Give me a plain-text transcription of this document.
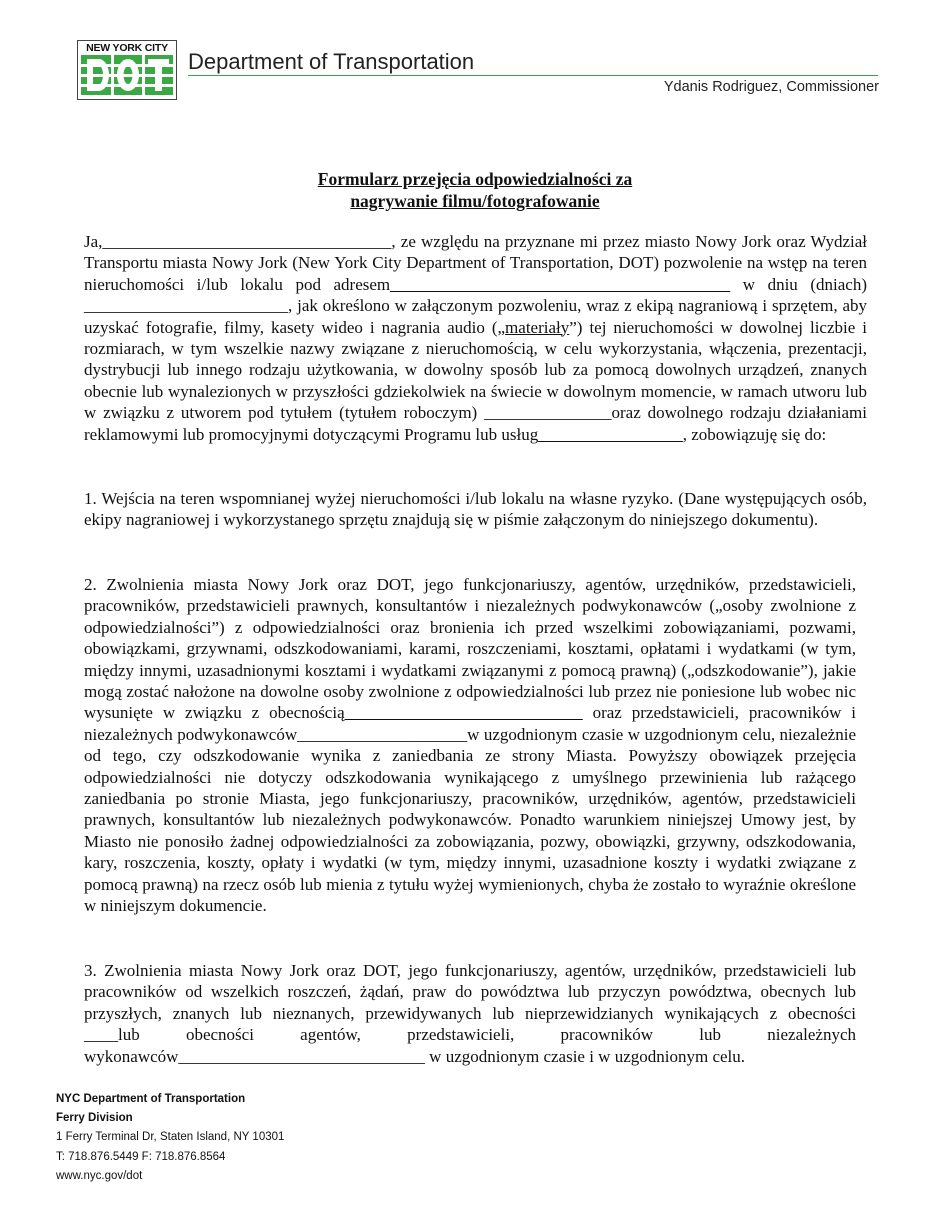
NEW YORK CITY
Department of Transportation
Ydanis Rodriguez, Commissioner
Formularz przejęcia odpowiedzialności za
nagrywanie filmu/fotografowanie
Ja,__________________________________, ze względu na przyznane mi przez miasto Nowy Jork oraz Wydział Transportu miasta Nowy Jork (New York City Department of Transportation, DOT) pozwolenie na wstęp na teren nieruchomości i/lub lokalu pod adresem________________________________________ w dniu (dniach) ________________________, jak określono w załączonym pozwoleniu, wraz z ekipą nagraniową i sprzętem, aby uzyskać fotografie, filmy, kasety wideo i nagrania audio („materiały”) tej nieruchomości w dowolnej liczbie i rozmiarach, w tym wszelkie nazwy związane z nieruchomością, w celu wykorzystania, włączenia, prezentacji, dystrybucji lub innego rodzaju użytkowania, w dowolny sposób lub za pomocą dowolnych urządzeń, znanych obecnie lub wynalezionych w przyszłości gdziekolwiek na świecie w dowolnym momencie, w ramach utworu lub w związku z utworem pod tytułem (tytułem roboczym) _______________oraz dowolnego rodzaju działaniami reklamowymi lub promocyjnymi dotyczącymi Programu lub usług_________________, zobowiązuję się do:
1. Wejścia na teren wspomnianej wyżej nieruchomości i/lub lokalu na własne ryzyko. (Dane występujących osób, ekipy nagraniowej i wykorzystanego sprzętu znajdują się w piśmie załączonym do niniejszego dokumentu).
2. Zwolnienia miasta Nowy Jork oraz DOT, jego funkcjonariuszy, agentów, urzędników, przedstawicieli, pracowników, przedstawicieli prawnych, konsultantów i niezależnych podwykonawców („osoby zwolnione z odpowiedzialności”) z odpowiedzialności oraz bronienia ich przed wszelkimi zobowiązaniami, pozwami, obowiązkami, grzywnami, odszkodowaniami, karami, roszczeniami, kosztami, opłatami i wydatkami (w tym, między innymi, uzasadnionymi kosztami i wydatkami związanymi z pomocą prawną) („odszkodowanie”), jakie mogą zostać nałożone na dowolne osoby zwolnione z odpowiedzialności lub przez nie poniesione lub wobec nic wysunięte w związku z obecnością____________________________ oraz przedstawicieli, pracowników i niezależnych podwykonawców____________________w uzgodnionym czasie w uzgodnionym celu, niezależnie od tego, czy odszkodowanie wynika z zaniedbania ze strony Miasta. Powyższy obowiązek przejęcia odpowiedzialności nie dotyczy odszkodowania wynikającego z umyślnego przewinienia lub rażącego zaniedbania po stronie Miasta, jego funkcjonariuszy, pracowników, urzędników, agentów, przedstawicieli prawnych, konsultantów lub niezależnych podwykonawców. Ponadto warunkiem niniejszej Umowy jest, by Miasto nie ponosiło żadnej odpowiedzialności za zobowiązania, pozwy, obowiązki, grzywny, odszkodowania, kary, roszczenia, koszty, opłaty i wydatki (w tym, między innymi, uzasadnione koszty i wydatki związane z pomocą prawną) na rzecz osób lub mienia z tytułu wyżej wymienionych, chyba że zostało to wyraźnie określone w niniejszym dokumencie.
3. Zwolnienia miasta Nowy Jork oraz DOT, jego funkcjonariuszy, agentów, urzędników, przedstawicieli lub pracowników od wszelkich roszczeń, żądań, praw do powództwa lub przyczyn powództwa, obecnych lub przyszłych, znanych lub nieznanych, przewidywanych lub nieprzewidzianych wynikających z obecności ____lub obecności agentów, przedstawicieli, pracowników lub niezależnych wykonawców_____________________________ w uzgodnionym czasie i w uzgodnionym celu.
NYC Department of Transportation
Ferry Division
1 Ferry Terminal Dr, Staten Island, NY 10301
T: 718.876.5449 F: 718.876.8564
www.nyc.gov/dot
